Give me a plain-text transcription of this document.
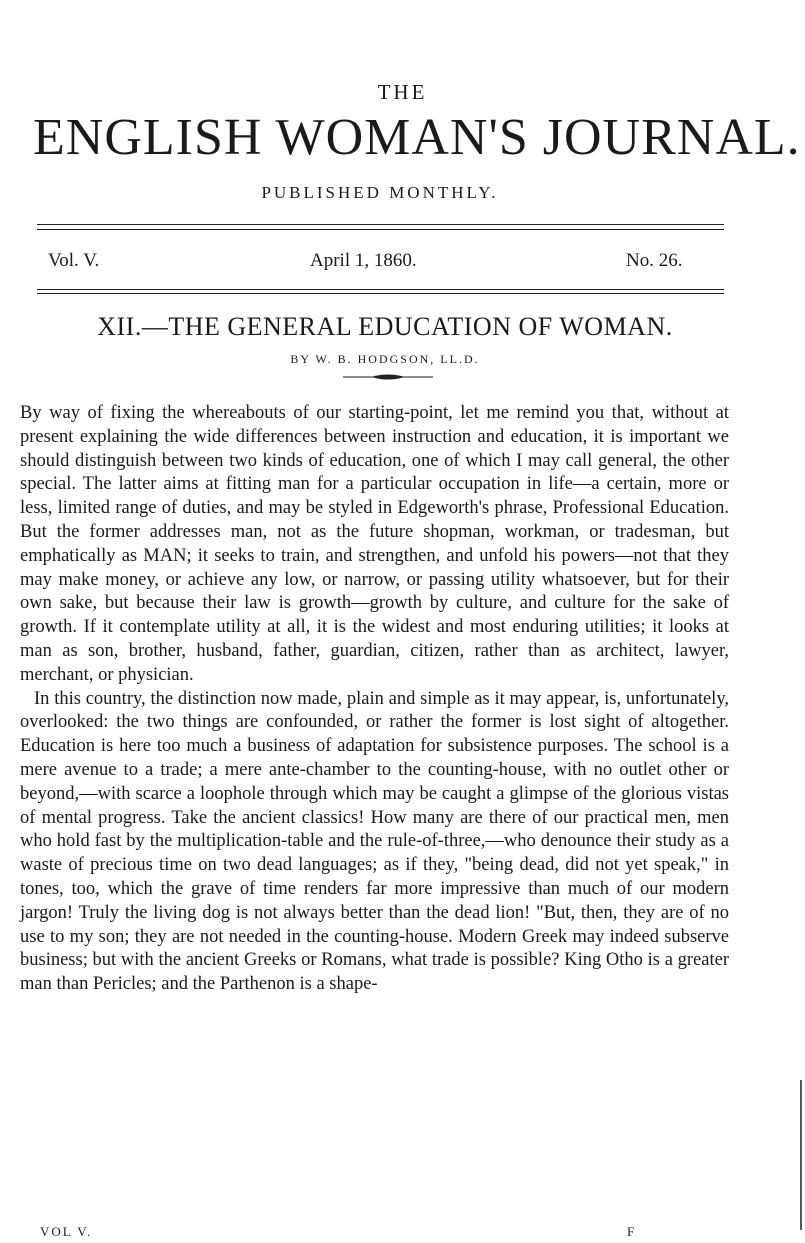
THE
ENGLISH WOMAN'S JOURNAL.
PUBLISHED MONTHLY.
Vol. V.	April 1, 1860.	No. 26.
XII.—THE GENERAL EDUCATION OF WOMAN.
BY W. B. HODGSON, LL.D.

By way of fixing the whereabouts of our starting-point, let me remind you that, without at present explaining the wide differences between instruction and education, it is important we should distinguish between two kinds of education, one of which I may call general, the other special. The latter aims at fitting man for a particular occupation in life—a certain, more or less, limited range of duties, and may be styled in Edgeworth's phrase, Professional Education. But the former addresses man, not as the future shopman, workman, or tradesman, but emphatically as MAN; it seeks to train, and strengthen, and unfold his powers—not that they may make money, or achieve any low, or narrow, or passing utility whatsoever, but for their own sake, but because their law is growth—growth by culture, and culture for the sake of growth. If it contemplate utility at all, it is the widest and most enduring utilities; it looks at man as son, brother, husband, father, guardian, citizen, rather than as architect, lawyer, merchant, or physician.

In this country, the distinction now made, plain and simple as it may appear, is, unfortunately, overlooked: the two things are confounded, or rather the former is lost sight of altogether. Education is here too much a business of adaptation for subsistence purposes. The school is a mere avenue to a trade; a mere ante-chamber to the counting-house, with no outlet other or beyond,—with scarce a loophole through which may be caught a glimpse of the glorious vistas of mental progress. Take the ancient classics! How many are there of our practical men, men who hold fast by the multiplication-table and the rule-of-three,—who denounce their study as a waste of precious time on two dead languages; as if they, "being dead, did not yet speak," in tones, too, which the grave of time renders far more impressive than much of our modern jargon! Truly the living dog is not always better than the dead lion! "But, then, they are of no use to my son; they are not needed in the counting-house. Modern Greek may indeed subserve business; but with the ancient Greeks or Romans, what trade is possible? King Otho is a greater man than Pericles; and the Parthenon is a shape-

VOL V.	F
